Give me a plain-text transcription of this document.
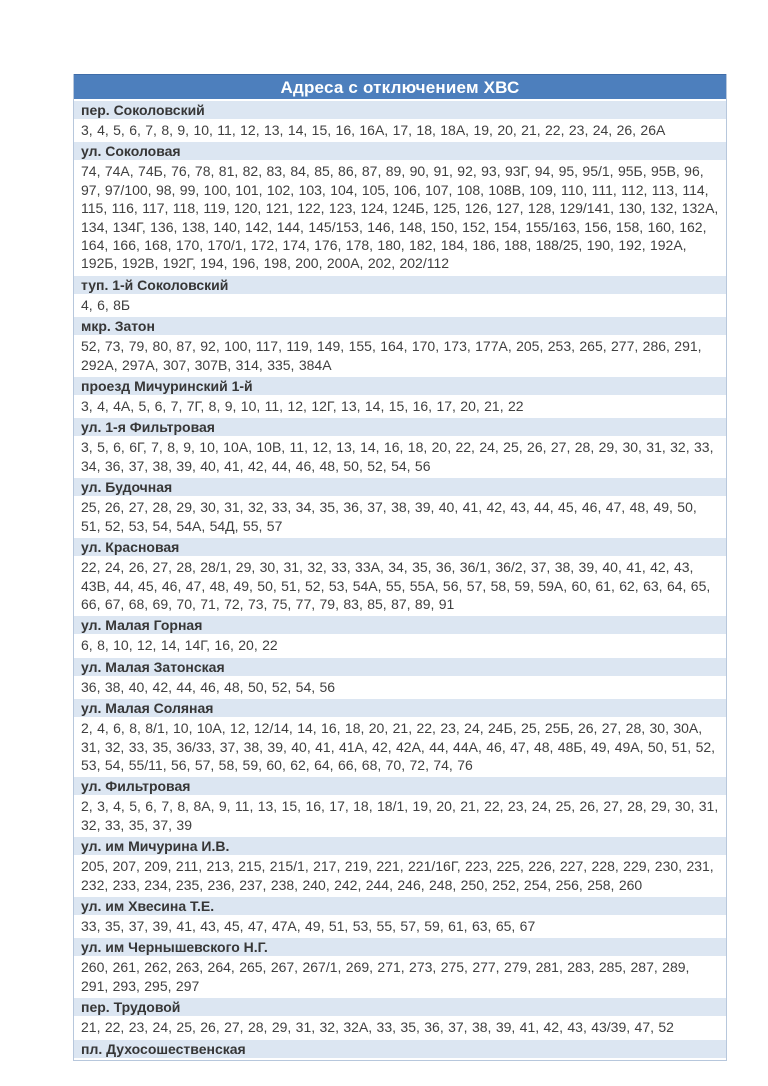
Адреса с отключением ХВС
пер. Соколовский
3, 4, 5, 6, 7, 8, 9, 10, 11, 12, 13, 14, 15, 16, 16А, 17, 18, 18А, 19, 20, 21, 22, 23, 24, 26, 26А
ул. Соколовая
74, 74А, 74Б, 76, 78, 81, 82, 83, 84, 85, 86, 87, 89, 90, 91, 92, 93, 93Г, 94, 95, 95/1, 95Б, 95В, 96, 97, 97/100, 98, 99, 100, 101, 102, 103, 104, 105, 106, 107, 108, 108В, 109, 110, 111, 112, 113, 114, 115, 116, 117, 118, 119, 120, 121, 122, 123, 124, 124Б, 125, 126, 127, 128, 129/141, 130, 132, 132А, 134, 134Г, 136, 138, 140, 142, 144, 145/153, 146, 148, 150, 152, 154, 155/163, 156, 158, 160, 162, 164, 166, 168, 170, 170/1, 172, 174, 176, 178, 180, 182, 184, 186, 188, 188/25, 190, 192, 192А, 192Б, 192В, 192Г, 194, 196, 198, 200, 200А, 202, 202/112
туп. 1-й Соколовский
4, 6, 8Б
мкр. Затон
52, 73, 79, 80, 87, 92, 100, 117, 119, 149, 155, 164, 170, 173, 177А, 205, 253, 265, 277, 286, 291, 292А, 297А, 307, 307В, 314, 335, 384А
проезд Мичуринский 1-й
3, 4, 4А, 5, 6, 7, 7Г, 8, 9, 10, 11, 12, 12Г, 13, 14, 15, 16, 17, 20, 21, 22
ул. 1-я Фильтровая
3, 5, 6, 6Г, 7, 8, 9, 10, 10А, 10В, 11, 12, 13, 14, 16, 18, 20, 22, 24, 25, 26, 27, 28, 29, 30, 31, 32, 33, 34, 36, 37, 38, 39, 40, 41, 42, 44, 46, 48, 50, 52, 54, 56
ул. Будочная
25, 26, 27, 28, 29, 30, 31, 32, 33, 34, 35, 36, 37, 38, 39, 40, 41, 42, 43, 44, 45, 46, 47, 48, 49, 50, 51, 52, 53, 54, 54А, 54Д, 55, 57
ул. Красновая
22, 24, 26, 27, 28, 28/1, 29, 30, 31, 32, 33, 33А, 34, 35, 36, 36/1, 36/2, 37, 38, 39, 40, 41, 42, 43, 43В, 44, 45, 46, 47, 48, 49, 50, 51, 52, 53, 54А, 55, 55А, 56, 57, 58, 59, 59А, 60, 61, 62, 63, 64, 65, 66, 67, 68, 69, 70, 71, 72, 73, 75, 77, 79, 83, 85, 87, 89, 91
ул. Малая Горная
6, 8, 10, 12, 14, 14Г, 16, 20, 22
ул. Малая Затонская
36, 38, 40, 42, 44, 46, 48, 50, 52, 54, 56
ул. Малая Соляная
2, 4, 6, 8, 8/1, 10, 10А, 12, 12/14, 14, 16, 18, 20, 21, 22, 23, 24, 24Б, 25, 25Б, 26, 27, 28, 30, 30А, 31, 32, 33, 35, 36/33, 37, 38, 39, 40, 41, 41А, 42, 42А, 44, 44А, 46, 47, 48, 48Б, 49, 49А, 50, 51, 52, 53, 54, 55/11, 56, 57, 58, 59, 60, 62, 64, 66, 68, 70, 72, 74, 76
ул. Фильтровая
2, 3, 4, 5, 6, 7, 8, 8А, 9, 11, 13, 15, 16, 17, 18, 18/1, 19, 20, 21, 22, 23, 24, 25, 26, 27, 28, 29, 30, 31, 32, 33, 35, 37, 39
ул. им Мичурина И.В.
205, 207, 209, 211, 213, 215, 215/1, 217, 219, 221, 221/16Г, 223, 225, 226, 227, 228, 229, 230, 231, 232, 233, 234, 235, 236, 237, 238, 240, 242, 244, 246, 248, 250, 252, 254, 256, 258, 260
ул. им Хвесина Т.Е.
33, 35, 37, 39, 41, 43, 45, 47, 47А, 49, 51, 53, 55, 57, 59, 61, 63, 65, 67
ул. им Чернышевского Н.Г.
260, 261, 262, 263, 264, 265, 267, 267/1, 269, 271, 273, 275, 277, 279, 281, 283, 285, 287, 289, 291, 293, 295, 297
пер. Трудовой
21, 22, 23, 24, 25, 26, 27, 28, 29, 31, 32, 32А, 33, 35, 36, 37, 38, 39, 41, 42, 43, 43/39, 47, 52
пл. Духосошественская
